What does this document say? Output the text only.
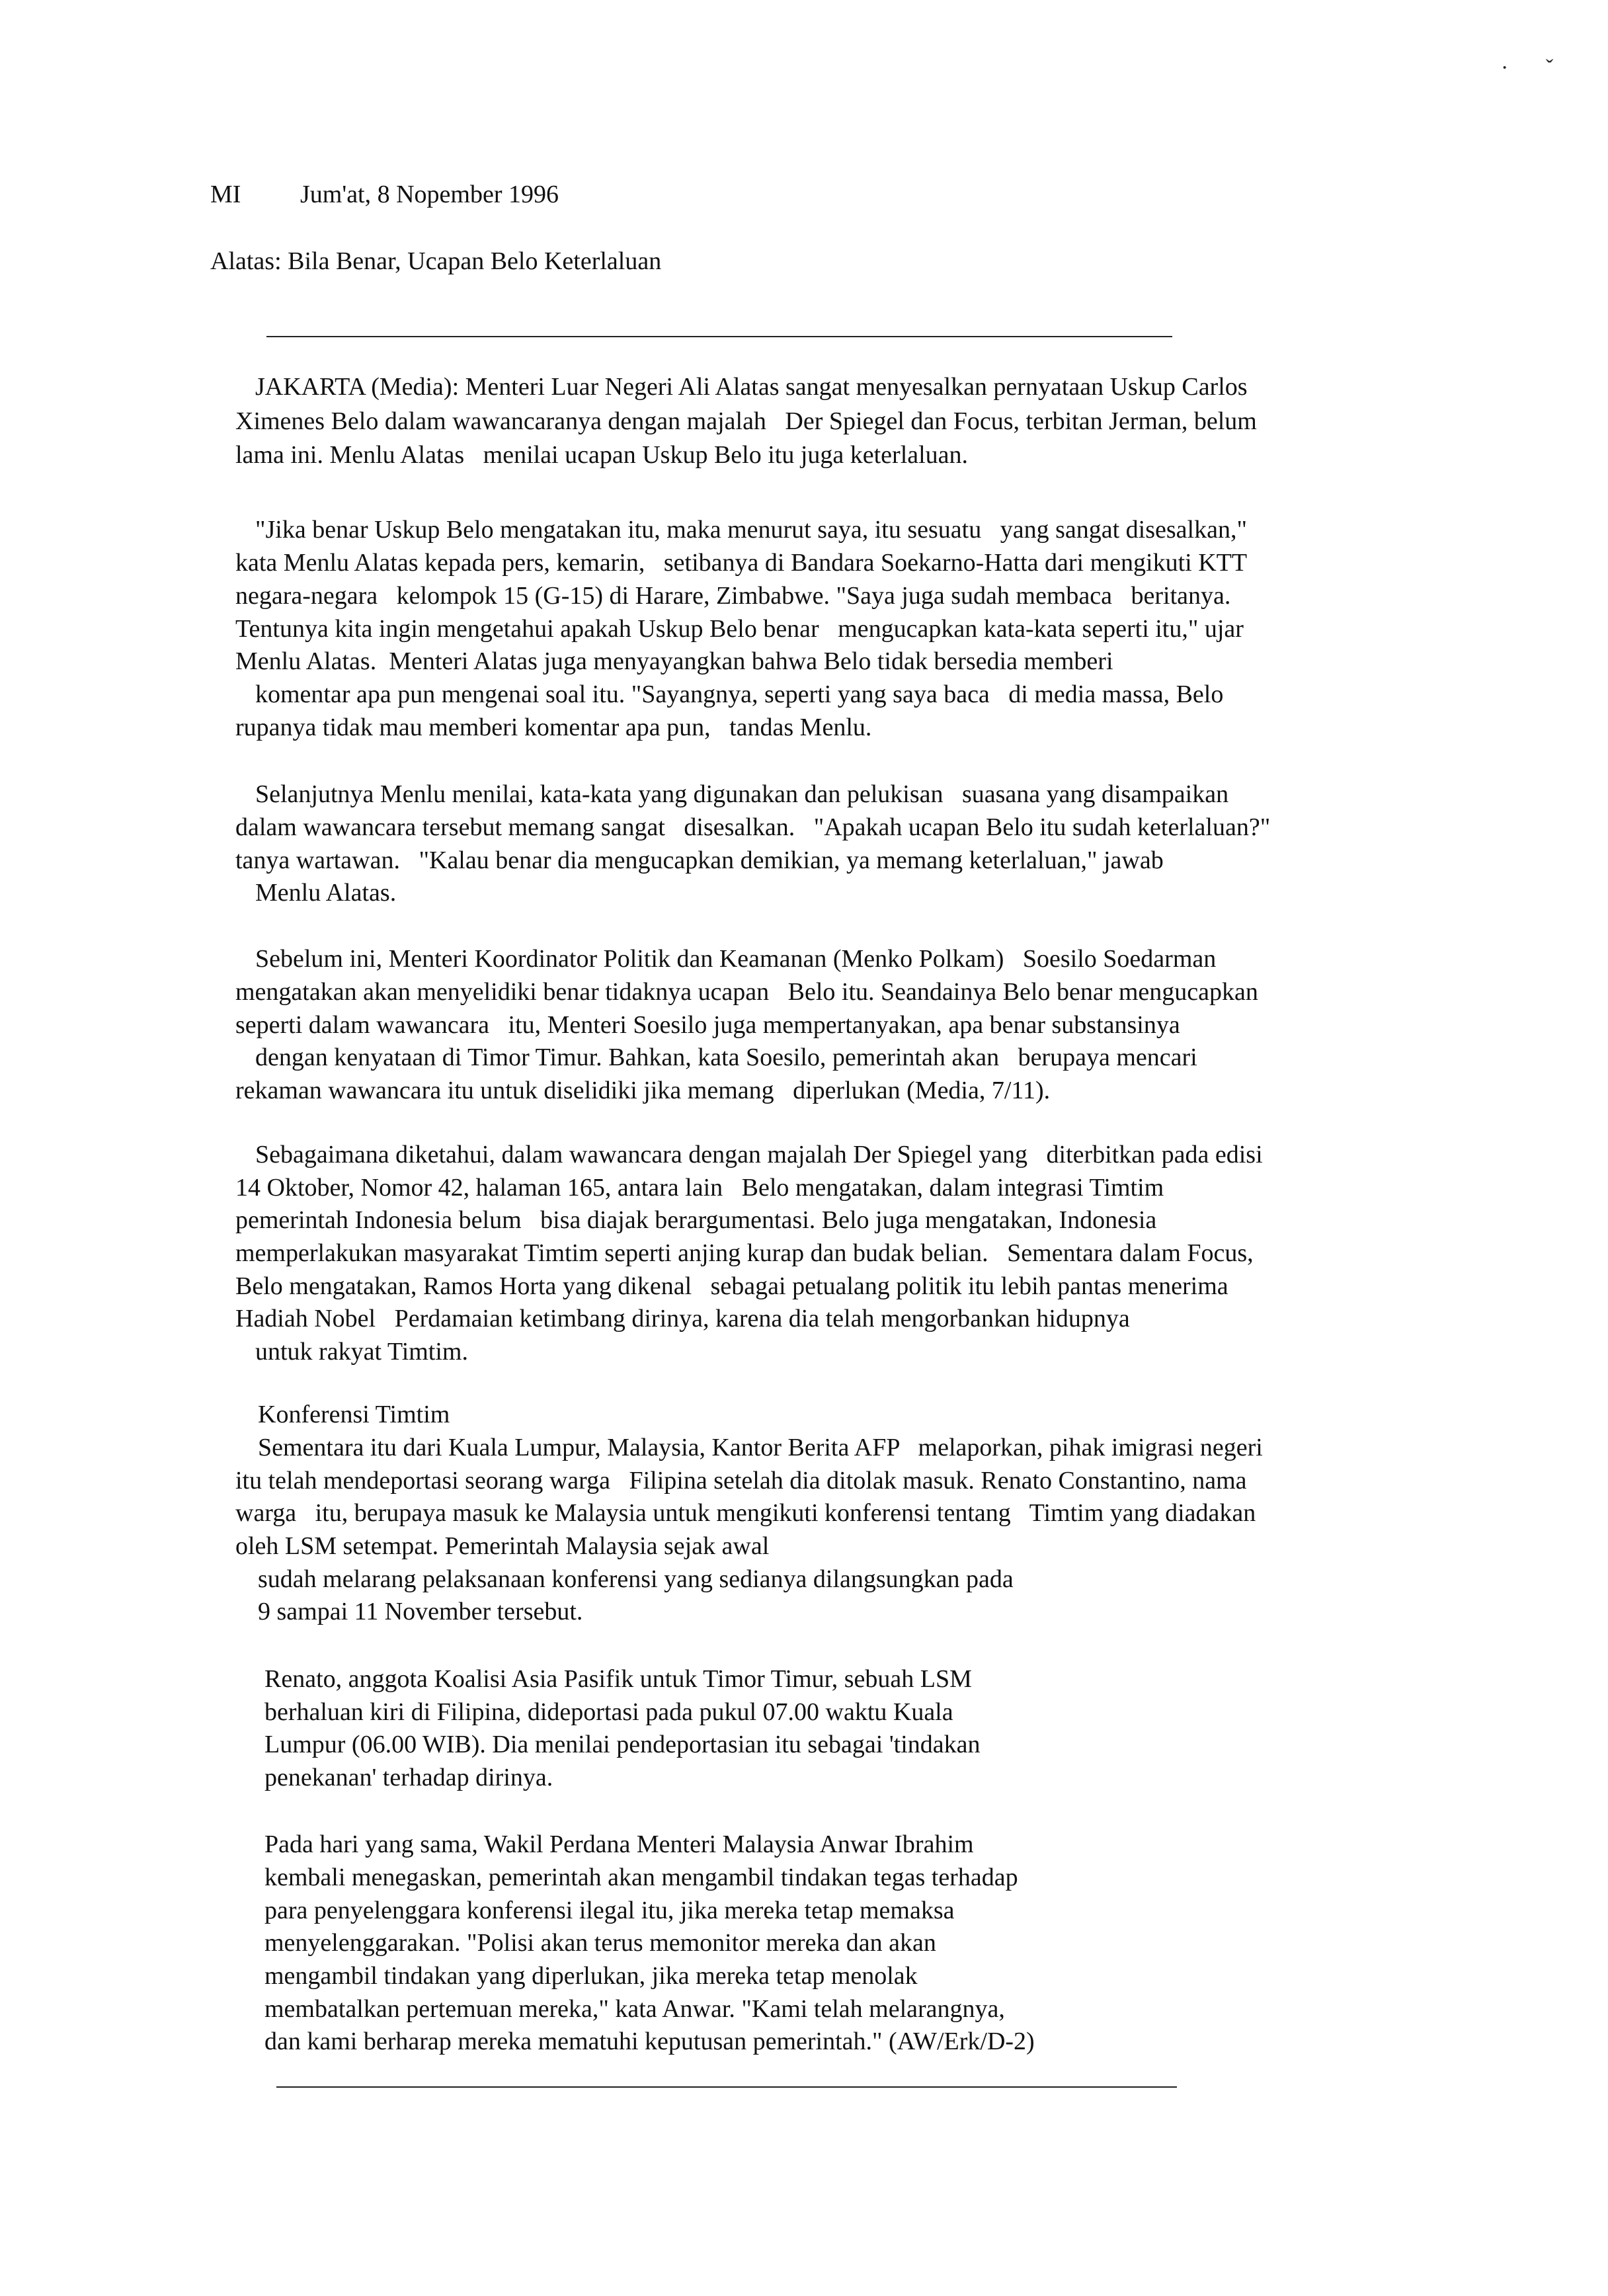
· ˇ
MI Jum'at, 8 Nopember 1996
Alatas: Bila Benar, Ucapan Belo Keterlaluan
JAKARTA (Media): Menteri Luar Negeri Ali Alatas sangat menyesalkan pernyataan Uskup Carlos
Ximenes Belo dalam wawancaranya dengan majalah   Der Spiegel dan Focus, terbitan Jerman, belum
lama ini. Menlu Alatas   menilai ucapan Uskup Belo itu juga keterlaluan.
"Jika benar Uskup Belo mengatakan itu, maka menurut saya, itu sesuatu   yang sangat disesalkan,"
kata Menlu Alatas kepada pers, kemarin,   setibanya di Bandara Soekarno-Hatta dari mengikuti KTT
negara-negara   kelompok 15 (G-15) di Harare, Zimbabwe. "Saya juga sudah membaca   beritanya.
Tentunya kita ingin mengetahui apakah Uskup Belo benar   mengucapkan kata-kata seperti itu," ujar
Menlu Alatas.  Menteri Alatas juga menyayangkan bahwa Belo tidak bersedia memberi
komentar apa pun mengenai soal itu. "Sayangnya, seperti yang saya baca   di media massa, Belo
rupanya tidak mau memberi komentar apa pun,   tandas Menlu.
Selanjutnya Menlu menilai, kata-kata yang digunakan dan pelukisan   suasana yang disampaikan
dalam wawancara tersebut memang sangat   disesalkan.   "Apakah ucapan Belo itu sudah keterlaluan?"
tanya wartawan.   "Kalau benar dia mengucapkan demikian, ya memang keterlaluan," jawab
Menlu Alatas.
Sebelum ini, Menteri Koordinator Politik dan Keamanan (Menko Polkam)   Soesilo Soedarman
mengatakan akan menyelidiki benar tidaknya ucapan   Belo itu. Seandainya Belo benar mengucapkan
seperti dalam wawancara   itu, Menteri Soesilo juga mempertanyakan, apa benar substansinya
dengan kenyataan di Timor Timur. Bahkan, kata Soesilo, pemerintah akan   berupaya mencari
rekaman wawancara itu untuk diselidiki jika memang   diperlukan (Media, 7/11).
Sebagaimana diketahui, dalam wawancara dengan majalah Der Spiegel yang   diterbitkan pada edisi
14 Oktober, Nomor 42, halaman 165, antara lain   Belo mengatakan, dalam integrasi Timtim
pemerintah Indonesia belum   bisa diajak berargumentasi. Belo juga mengatakan, Indonesia
memperlakukan masyarakat Timtim seperti anjing kurap dan budak belian.   Sementara dalam Focus,
Belo mengatakan, Ramos Horta yang dikenal   sebagai petualang politik itu lebih pantas menerima
Hadiah Nobel   Perdamaian ketimbang dirinya, karena dia telah mengorbankan hidupnya
untuk rakyat Timtim.
Konferensi Timtim
Sementara itu dari Kuala Lumpur, Malaysia, Kantor Berita AFP   melaporkan, pihak imigrasi negeri
itu telah mendeportasi seorang warga   Filipina setelah dia ditolak masuk. Renato Constantino, nama
warga   itu, berupaya masuk ke Malaysia untuk mengikuti konferensi tentang   Timtim yang diadakan
oleh LSM setempat. Pemerintah Malaysia sejak awal
sudah melarang pelaksanaan konferensi yang sedianya dilangsungkan pada
9 sampai 11 November tersebut.
Renato, anggota Koalisi Asia Pasifik untuk Timor Timur, sebuah LSM
berhaluan kiri di Filipina, dideportasi pada pukul 07.00 waktu Kuala
Lumpur (06.00 WIB). Dia menilai pendeportasian itu sebagai 'tindakan
penekanan' terhadap dirinya.
Pada hari yang sama, Wakil Perdana Menteri Malaysia Anwar Ibrahim
kembali menegaskan, pemerintah akan mengambil tindakan tegas terhadap
para penyelenggara konferensi ilegal itu, jika mereka tetap memaksa
menyelenggarakan. "Polisi akan terus memonitor mereka dan akan
mengambil tindakan yang diperlukan, jika mereka tetap menolak
membatalkan pertemuan mereka," kata Anwar. "Kami telah melarangnya,
dan kami berharap mereka mematuhi keputusan pemerintah." (AW/Erk/D-2)
